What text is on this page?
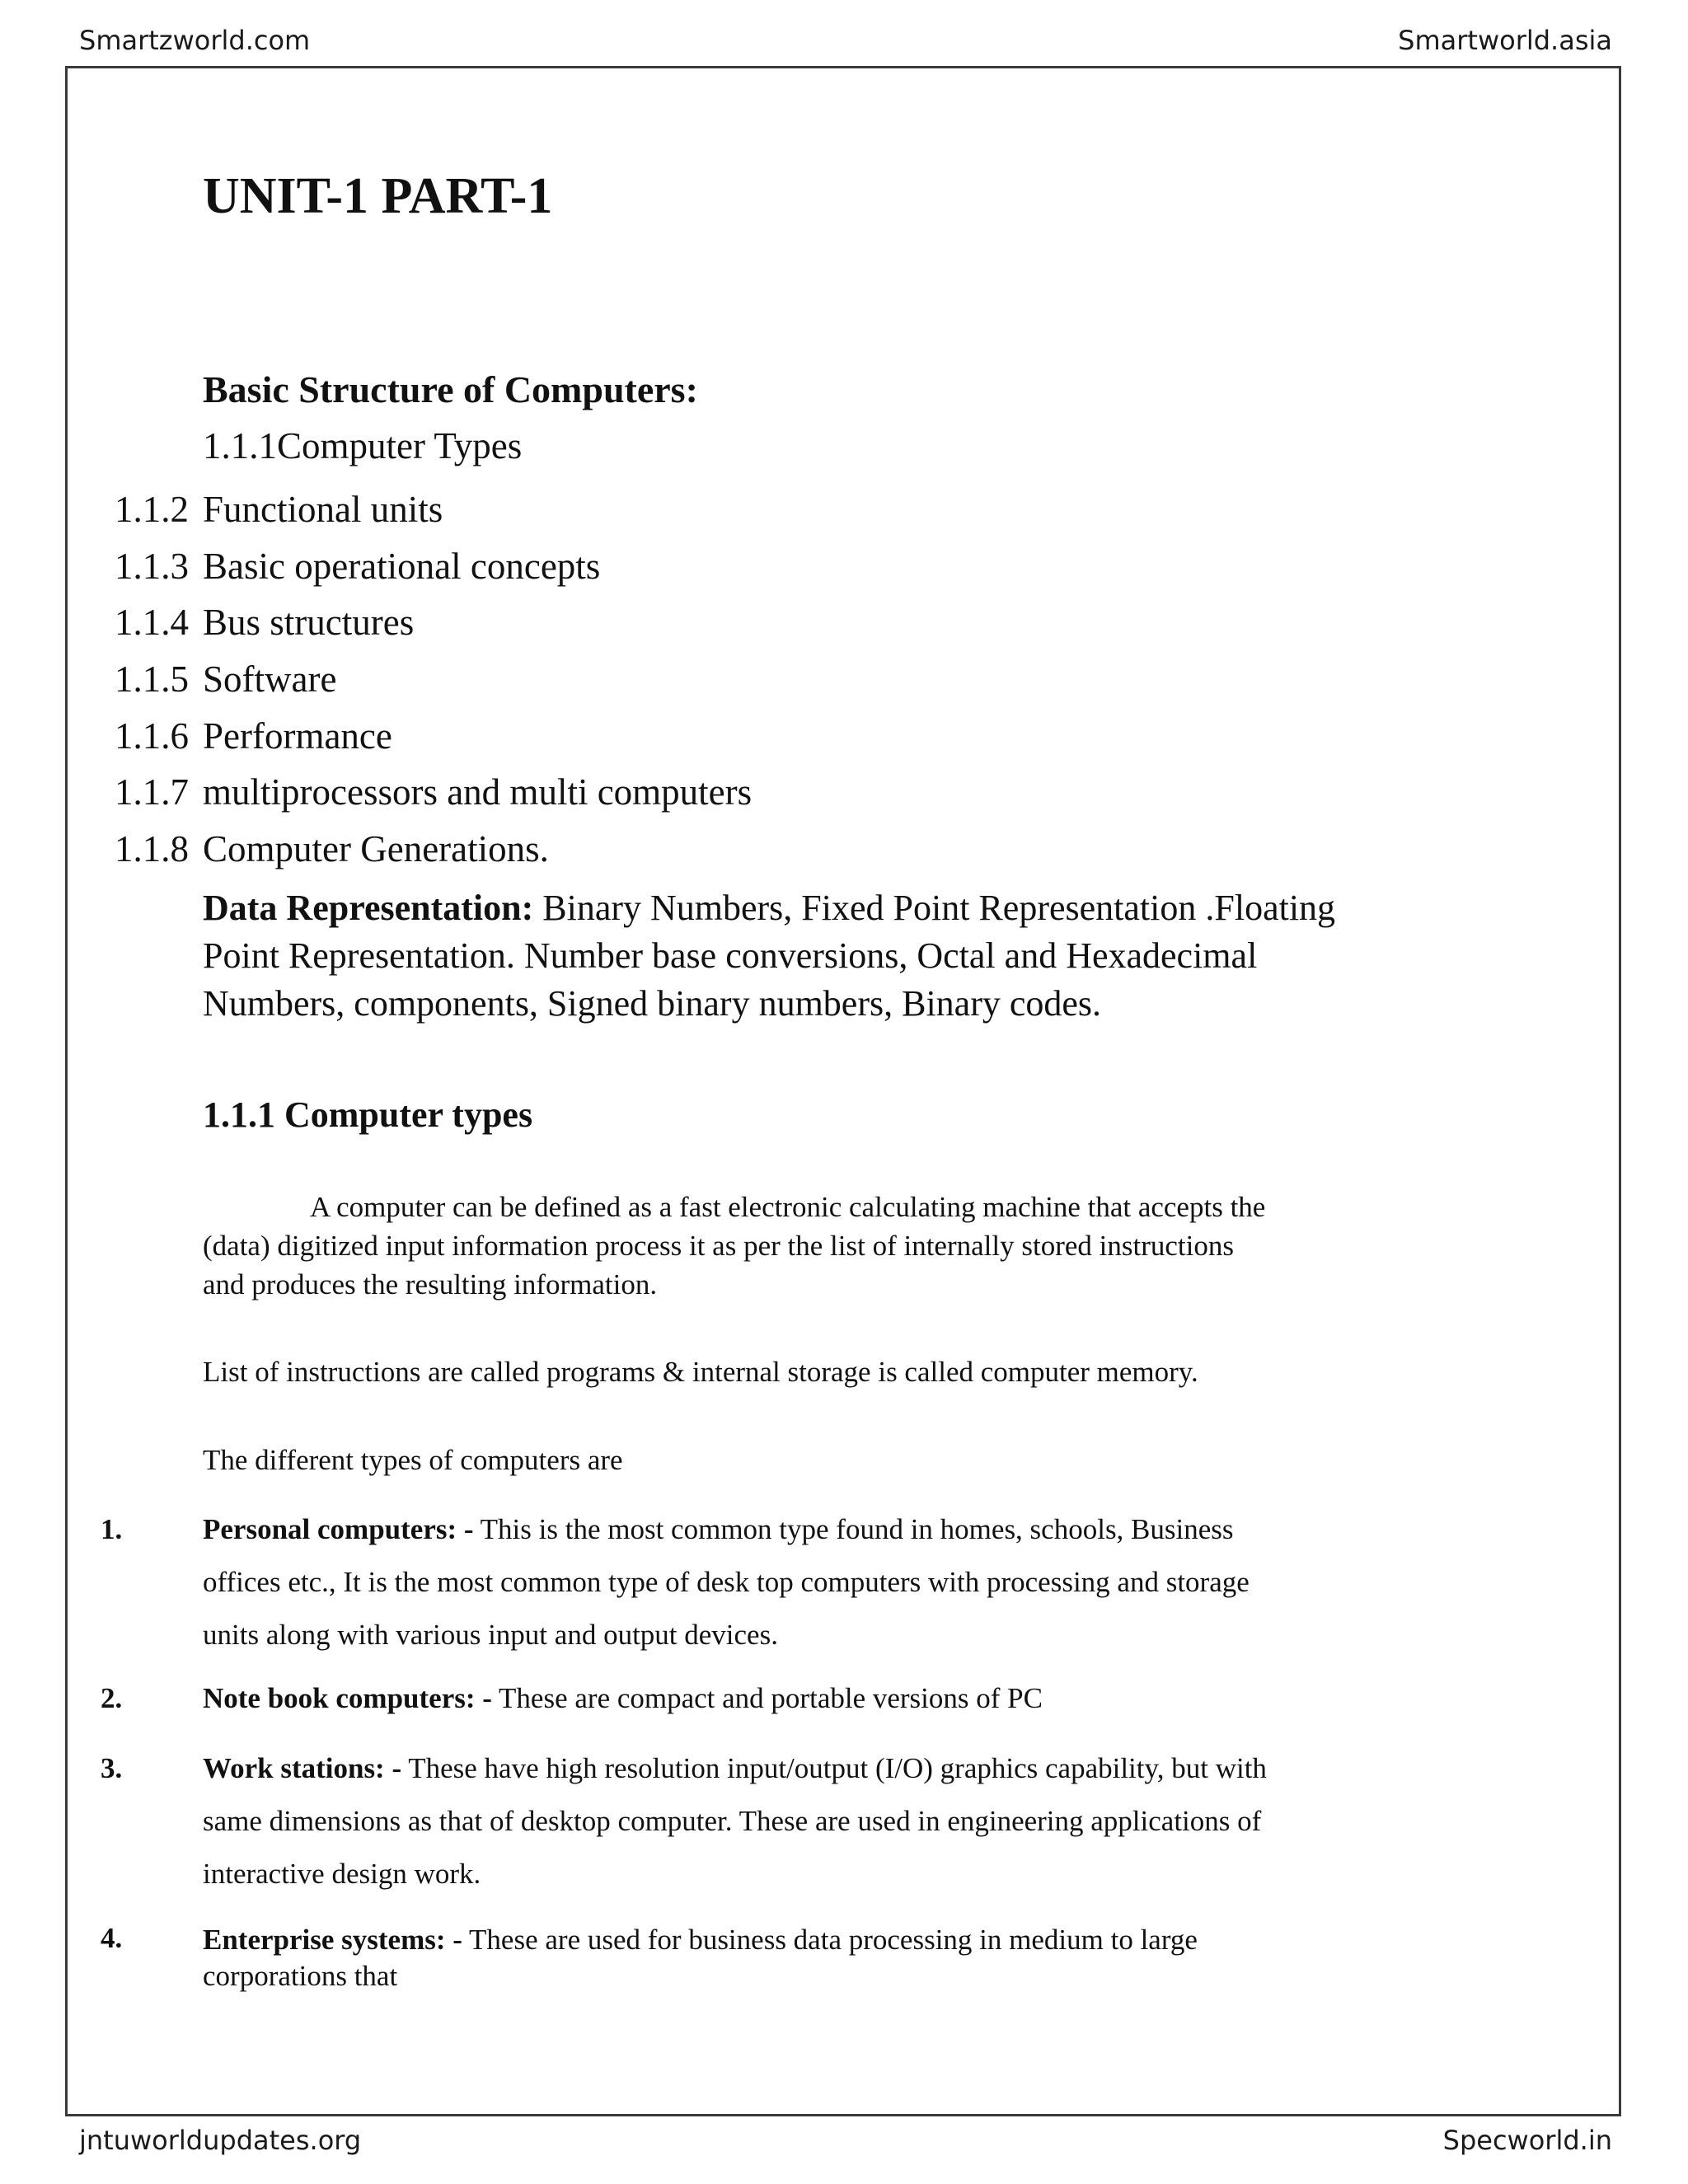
Smartzworld.com	Smartworld.asia
jntuworldupdates.org	Specworld.in
UNIT-1 PART-1
Basic Structure of Computers:
1.1.1Computer Types
1.1.2 Functional units
1.1.3 Basic operational concepts
1.1.4 Bus structures
1.1.5 Software
1.1.6 Performance
1.1.7 multiprocessors and multi computers
1.1.8 Computer Generations.
Data Representation: Binary Numbers, Fixed Point Representation .Floating
Point Representation. Number base conversions, Octal and Hexadecimal
Numbers, components, Signed binary numbers, Binary codes.
1.1.1 Computer types
A computer can be defined as a fast electronic calculating machine that accepts the
(data) digitized input information process it as per the list of internally stored instructions
and produces the resulting information.
List of instructions are called programs & internal storage is called computer memory.
The different types of computers are
1.	Personal computers: - This is the most common type found in homes, schools, Business
offices etc., It is the most common type of desk top computers with processing and storage
units along with various input and output devices.
2.	Note book computers: - These are compact and portable versions of PC
3.	Work stations: - These have high resolution input/output (I/O) graphics capability, but with
same dimensions as that of desktop computer. These are used in engineering applications of
interactive design work.
4.	Enterprise systems: - These are used for business data processing in medium to large
corporations that
